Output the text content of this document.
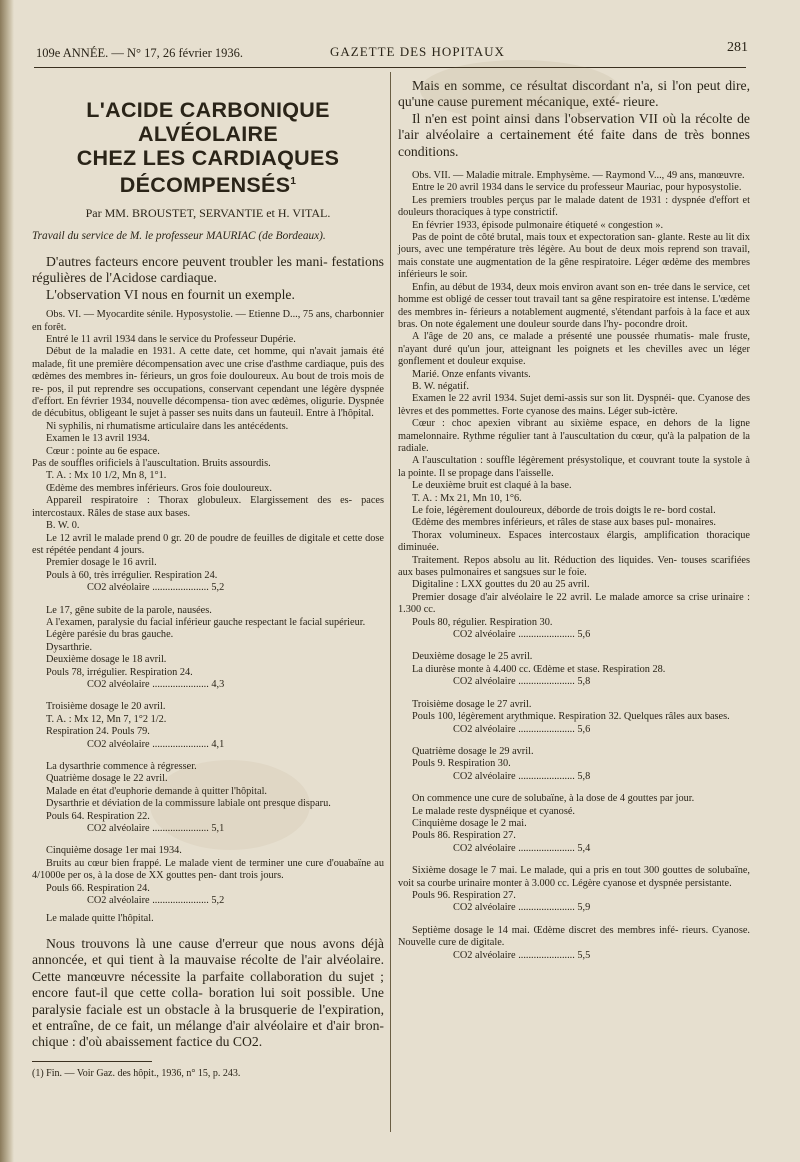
109e ANNÉE. — N° 17, 26 février 1936.	GAZETTE DES HOPITAUX	281
L'ACIDE CARBONIQUE ALVÉOLAIRE
CHEZ LES CARDIAQUES DÉCOMPENSÉS$^1$
Par MM. BROUSTET, SERVANTIE et H. VITAL.
Travail du service de M. le professeur MAURIAC (de Bordeaux).

D'autres facteurs encore peuvent troubler les mani- festations régulières de l'Acidose cardiaque.

L'observation VI nous en fournit un exemple.

Obs. VI. — Myocardite sénile. Hyposystolie. — Etienne D..., 75 ans, charbonnier en forêt.

Entré le 11 avril 1934 dans le service du Professeur Dupérie.

Début de la maladie en 1931. A cette date, cet homme, qui n'avait jamais été malade, fit une première décompensation avec une crise d'asthme cardiaque, puis des œdèmes des membres in- férieurs, un gros foie douloureux. Au bout de trois mois de re- pos, il put reprendre ses occupations, conservant cependant une légère dyspnée d'effort. En février 1934, nouvelle décompensa- tion avec œdèmes, oligurie. Dyspnée de décubitus, obligeant le sujet à passer ses nuits dans un fauteuil. Entre à l'hôpital.

Ni syphilis, ni rhumatisme articulaire dans les antécédents.

Examen le 13 avril 1934.

Cœur : pointe au 6e espace.

Pas de souffles orificiels à l'auscultation. Bruits assourdis.

T. A. : Mx 10 1/2, Mn 8, 1°1.

Œdème des membres inférieurs. Gros foie douloureux.

Appareil respiratoire : Thorax globuleux. Elargissement des es- paces intercostaux. Râles de stase aux bases.

B. W. 0.

Le 12 avril le malade prend 0 gr. 20 de poudre de feuilles de digitale et cette dose est répétée pendant 4 jours.

Premier dosage le 16 avril.

Pouls à 60, très irrégulier. Respiration 24.

CO2 alvéolaire ...................... 5,2

Le 17, gêne subite de la parole, nausées.

A l'examen, paralysie du facial inférieur gauche respectant le facial supérieur.

Légère parésie du bras gauche.

Dysarthrie.

Deuxième dosage le 18 avril.

Pouls 78, irrégulier. Respiration 24.

CO2 alvéolaire ...................... 4,3

Troisième dosage le 20 avril.

T. A. : Mx 12, Mn 7, 1°2 1/2.

Respiration 24. Pouls 79.

CO2 alvéolaire ...................... 4,1

La dysarthrie commence à régresser.

Quatrième dosage le 22 avril.

Malade en état d'euphorie demande à quitter l'hôpital.

Dysarthrie et déviation de la commissure labiale ont presque disparu.

Pouls 64. Respiration 22.

CO2 alvéolaire ...................... 5,1

Cinquième dosage 1er mai 1934.

Bruits au cœur bien frappé. Le malade vient de terminer une cure d'ouabaïne au 4/1000e per os, à la dose de XX gouttes pen- dant trois jours.

Pouls 66. Respiration 24.

CO2 alvéolaire ...................... 5,2

Le malade quitte l'hôpital.

Nous trouvons là une cause d'erreur que nous avons déjà annoncée, et qui tient à la mauvaise récolte de l'air alvéolaire. Cette manœuvre nécessite la parfaite collaboration du sujet ; encore faut-il que cette colla- boration lui soit possible. Une paralysie faciale est un obstacle à la brusquerie de l'expiration, et entraîne, de ce fait, un mélange d'air alvéolaire et d'air bron- chique : d'où abaissement factice du CO2.

(1) Fin. — Voir Gaz. des hôpit., 1936, n° 15, p. 243.

Mais en somme, ce résultat discordant n'a, si l'on peut dire, qu'une cause purement mécanique, exté- rieure.

Il n'en est point ainsi dans l'observation VII où la récolte de l'air alvéolaire a certainement été faite dans de très bonnes conditions.

Obs. VII. — Maladie mitrale. Emphysème. — Raymond V..., 49 ans, manœuvre.

Entre le 20 avril 1934 dans le service du professeur Mauriac, pour hyposystolie.

Les premiers troubles perçus par le malade datent de 1931 : dyspnée d'effort et douleurs thoraciques à type constrictif.

En février 1933, épisode pulmonaire étiqueté « congestion ».

Pas de point de côté brutal, mais toux et expectoration san- glante. Reste au lit dix jours, avec une température très légère. Au bout de deux mois reprend son travail, mais constate une augmentation de la gêne respiratoire. Léger œdème des membres inférieurs le soir.

Enfin, au début de 1934, deux mois environ avant son en- trée dans le service, cet homme est obligé de cesser tout travail tant sa gêne respiratoire est intense. L'œdème des membres in- férieurs a notablement augmenté, s'étendant parfois à la face et aux bras. On note également une douleur sourde dans l'hy- pocondre droit.

A l'âge de 20 ans, ce malade a présenté une poussée rhumatis- male fruste, n'ayant duré qu'un jour, atteignant les poignets et les chevilles avec un léger gonflement et douleur exquise.

Marié. Onze enfants vivants.

B. W. négatif.

Examen le 22 avril 1934. Sujet demi-assis sur son lit. Dyspnéi- que. Cyanose des lèvres et des pommettes. Forte cyanose des mains. Léger sub-ictère.

Cœur : choc apexien vibrant au sixième espace, en dehors de la ligne mamelonnaire. Rythme régulier tant à l'auscultation du cœur, qu'à la palpation de la radiale.

A l'auscultation : souffle légèrement présystolique, et couvrant toute la systole à la pointe. Il se propage dans l'aisselle.

Le deuxième bruit est claqué à la base.

T. A. : Mx 21, Mn 10, 1°6.

Le foie, légèrement douloureux, déborde de trois doigts le re- bord costal.

Œdème des membres inférieurs, et râles de stase aux bases pul- monaires.

Thorax volumineux. Espaces intercostaux élargis, amplification thoracique diminuée.

Traitement. Repos absolu au lit. Réduction des liquides. Ven- touses scarifiées aux bases pulmonaires et sangsues sur le foie.

Digitaline : LXX gouttes du 20 au 25 avril.

Premier dosage d'air alvéolaire le 22 avril. Le malade amorce sa crise urinaire : 1.300 cc.

Pouls 80, régulier. Respiration 30.

CO2 alvéolaire ...................... 5,6

Deuxième dosage le 25 avril.

La diurèse monte à 4.400 cc. Œdème et stase. Respiration 28.

CO2 alvéolaire ...................... 5,8

Troisième dosage le 27 avril.

Pouls 100, légèrement arythmique. Respiration 32. Quelques râles aux bases.

CO2 alvéolaire ...................... 5,6

Quatrième dosage le 29 avril.

Pouls 9. Respiration 30.

CO2 alvéolaire ...................... 5,8

On commence une cure de solubaïne, à la dose de 4 gouttes par jour.

Le malade reste dyspnéique et cyanosé.

Cinquième dosage le 2 mai.

Pouls 86. Respiration 27.

CO2 alvéolaire ...................... 5,4

Sixième dosage le 7 mai. Le malade, qui a pris en tout 300 gouttes de solubaïne, voit sa courbe urinaire monter à 3.000 cc. Légère cyanose et dyspnée persistante.

Pouls 96. Respiration 27.

CO2 alvéolaire ...................... 5,9

Septième dosage le 14 mai. Œdème discret des membres infé- rieurs. Cyanose. Nouvelle cure de digitale.

CO2 alvéolaire ...................... 5,5
